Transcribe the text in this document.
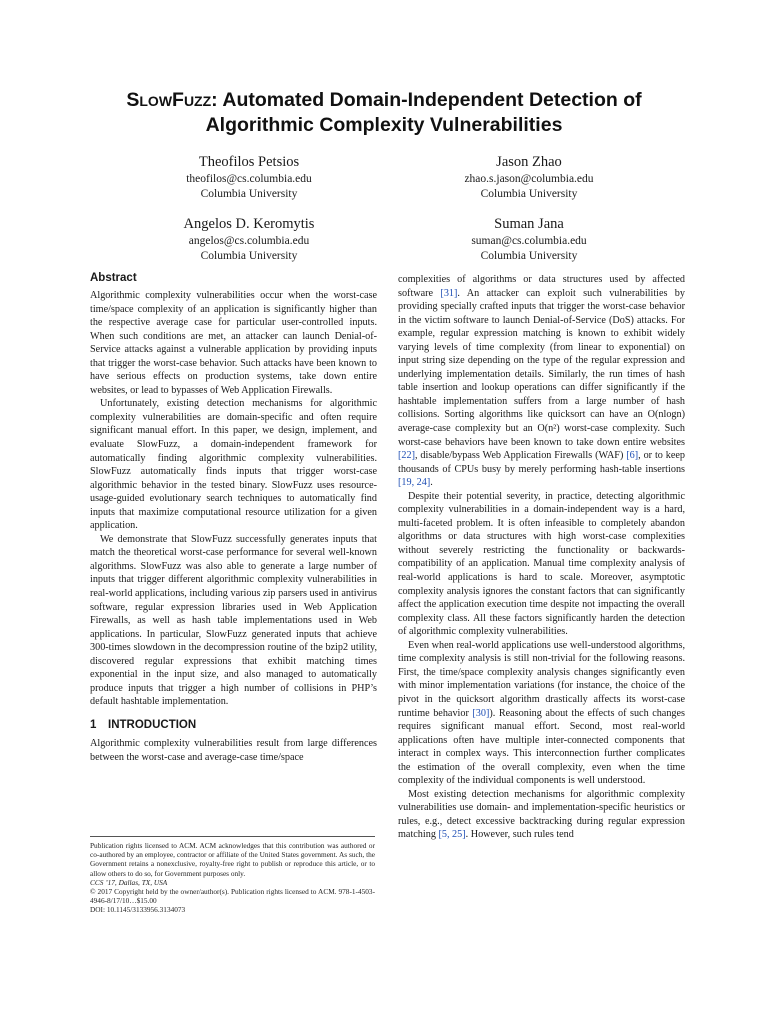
SlowFuzz: Automated Domain-Independent Detection of
Algorithmic Complexity Vulnerabilities
Theofilos Petsios
theofilos@cs.columbia.edu
Columbia University
Jason Zhao
zhao.s.jason@columbia.edu
Columbia University
Angelos D. Keromytis
angelos@cs.columbia.edu
Columbia University
Suman Jana
suman@cs.columbia.edu
Columbia University
Abstract

Algorithmic complexity vulnerabilities occur when the worst-case time/space complexity of an application is significantly higher than the respective average case for particular user-controlled inputs. When such conditions are met, an attacker can launch Denial-of-Service attacks against a vulnerable application by providing inputs that trigger the worst-case behavior. Such attacks have been known to have serious effects on production systems, take down entire websites, or lead to bypasses of Web Application Firewalls.

Unfortunately, existing detection mechanisms for algorithmic complexity vulnerabilities are domain-specific and often require significant manual effort. In this paper, we design, implement, and evaluate SlowFuzz, a domain-independent framework for automatically finding algorithmic complexity vulnerabilities. SlowFuzz automatically finds inputs that trigger worst-case algorithmic behavior in the tested binary. SlowFuzz uses resource-usage-guided evolutionary search techniques to automatically find inputs that maximize computational resource utilization for a given application.

We demonstrate that SlowFuzz successfully generates inputs that match the theoretical worst-case performance for several well-known algorithms. SlowFuzz was also able to generate a large number of inputs that trigger different algorithmic complexity vulnerabilities in real-world applications, including various zip parsers used in antivirus software, regular expression libraries used in Web Application Firewalls, as well as hash table implementations used in Web applications. In particular, SlowFuzz generated inputs that achieve 300-times slowdown in the decompression routine of the bzip2 utility, discovered regular expressions that exhibit matching times exponential in the input size, and also managed to automatically produce inputs that trigger a high number of collisions in PHP’s default hashtable implementation.

1 INTRODUCTION

Algorithmic complexity vulnerabilities result from large differences between the worst-case and average-case time/space

complexities of algorithms or data structures used by affected software [31]. An attacker can exploit such vulnerabilities by providing specially crafted inputs that trigger the worst-case behavior in the victim software to launch Denial-of-Service (DoS) attacks. For example, regular expression matching is known to exhibit widely varying levels of time complexity (from linear to exponential) on input string size depending on the type of the regular expression and underlying implementation details. Similarly, the run times of hash table insertion and lookup operations can differ significantly if the hashtable implementation suffers from a large number of hash collisions. Sorting algorithms like quicksort can have an O(nlogn) average-case complexity but an O(n²) worst-case complexity. Such worst-case behaviors have been known to take down entire websites [22], disable/bypass Web Application Firewalls (WAF) [6], or to keep thousands of CPUs busy by merely performing hash-table insertions [19, 24].

Despite their potential severity, in practice, detecting algorithmic complexity vulnerabilities in a domain-independent way is a hard, multi-faceted problem. It is often infeasible to completely abandon algorithms or data structures with high worst-case complexities without severely restricting the functionality or backwards-compatibility of an application. Manual time complexity analysis of real-world applications is hard to scale. Moreover, asymptotic complexity analysis ignores the constant factors that can significantly affect the application execution time despite not impacting the overall complexity class. All these factors significantly harden the detection of algorithmic complexity vulnerabilities.

Even when real-world applications use well-understood algorithms, time complexity analysis is still non-trivial for the following reasons. First, the time/space complexity analysis changes significantly even with minor implementation variations (for instance, the choice of the pivot in the quicksort algorithm drastically affects its worst-case runtime behavior [30]). Reasoning about the effects of such changes requires significant manual effort. Second, most real-world applications often have multiple inter-connected components that interact in complex ways. This interconnection further complicates the estimation of the overall complexity, even when the time complexity of the individual components is well understood.

Most existing detection mechanisms for algorithmic complexity vulnerabilities use domain- and implementation-specific heuristics or rules, e.g., detect excessive backtracking during regular expression matching [5, 25]. However, such rules tend

Publication rights licensed to ACM. ACM acknowledges that this contribution was authored or co-authored by an employee, contractor or affiliate of the United States government. As such, the Government retains a nonexclusive, royalty-free right to publish or reproduce this article, or to allow others to do so, for Government purposes only.
CCS ’17, Dallas, TX, USA
© 2017 Copyright held by the owner/author(s). Publication rights licensed to ACM. 978-1-4503-4946-8/17/10…$15.00
DOI: 10.1145/3133956.3134073
